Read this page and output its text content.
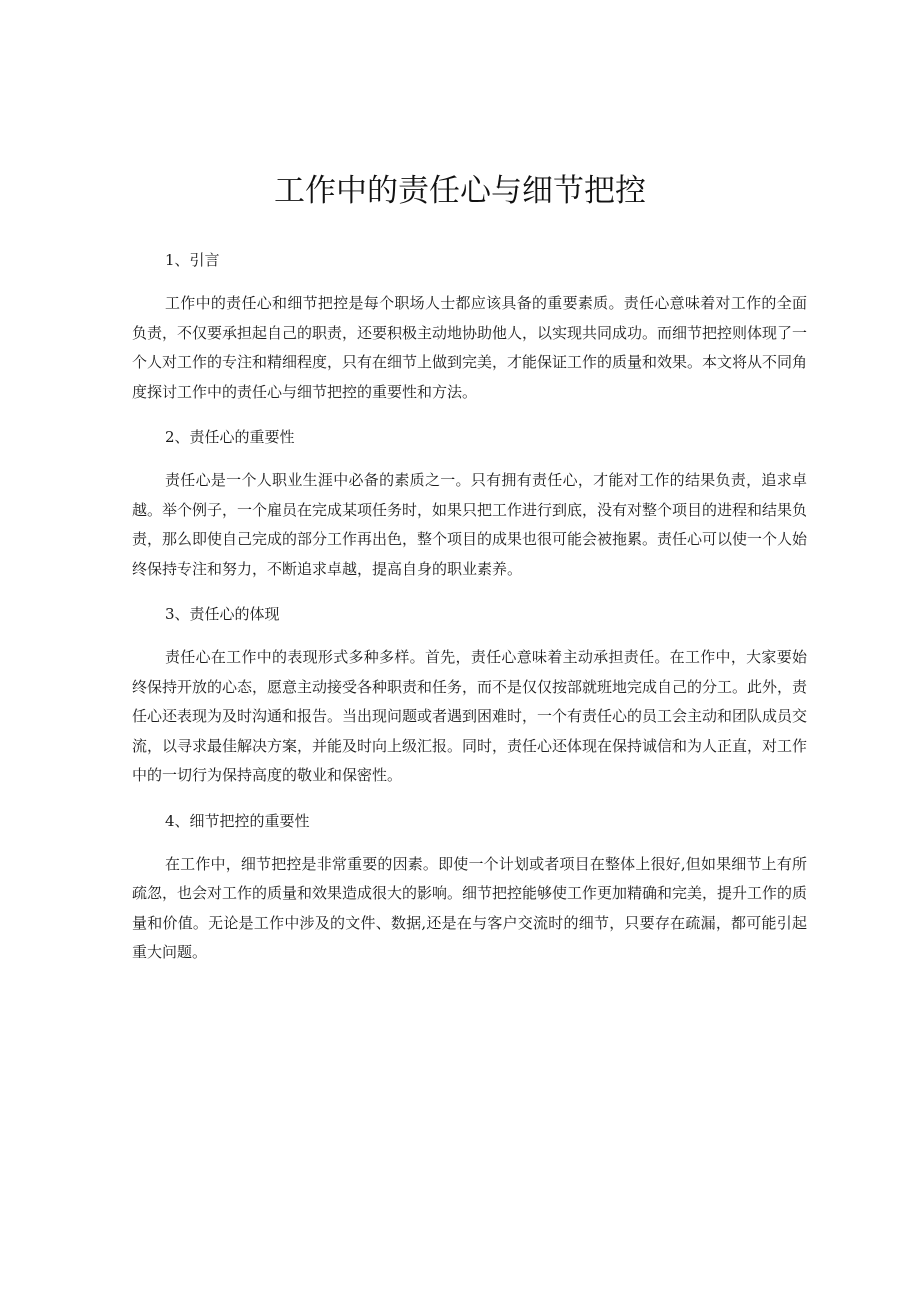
工作中的责任心与细节把控

1、引言

工作中的责任心和细节把控是每个职场人士都应该具备的重要素质。责任心意味着对工作的全面负责，不仅要承担起自己的职责，还要积极主动地协助他人，以实现共同成功。而细节把控则体现了一个人对工作的专注和精细程度，只有在细节上做到完美，才能保证工作的质量和效果。本文将从不同角度探讨工作中的责任心与细节把控的重要性和方法。

2、责任心的重要性

责任心是一个人职业生涯中必备的素质之一。只有拥有责任心，才能对工作的结果负责，追求卓越。举个例子，一个雇员在完成某项任务时，如果只把工作进行到底，没有对整个项目的进程和结果负责，那么即使自己完成的部分工作再出色，整个项目的成果也很可能会被拖累。责任心可以使一个人始终保持专注和努力，不断追求卓越，提高自身的职业素养。

3、责任心的体现

责任心在工作中的表现形式多种多样。首先，责任心意味着主动承担责任。在工作中，大家要始终保持开放的心态，愿意主动接受各种职责和任务，而不是仅仅按部就班地完成自己的分工。此外，责任心还表现为及时沟通和报告。当出现问题或者遇到困难时，一个有责任心的员工会主动和团队成员交流，以寻求最佳解决方案，并能及时向上级汇报。同时，责任心还体现在保持诚信和为人正直，对工作中的一切行为保持高度的敬业和保密性。

4、细节把控的重要性

在工作中，细节把控是非常重要的因素。即使一个计划或者项目在整体上很好,但如果细节上有所疏忽，也会对工作的质量和效果造成很大的影响。细节把控能够使工作更加精确和完美，提升工作的质量和价值。无论是工作中涉及的文件、数据,还是在与客户交流时的细节，只要存在疏漏，都可能引起重大问题。
